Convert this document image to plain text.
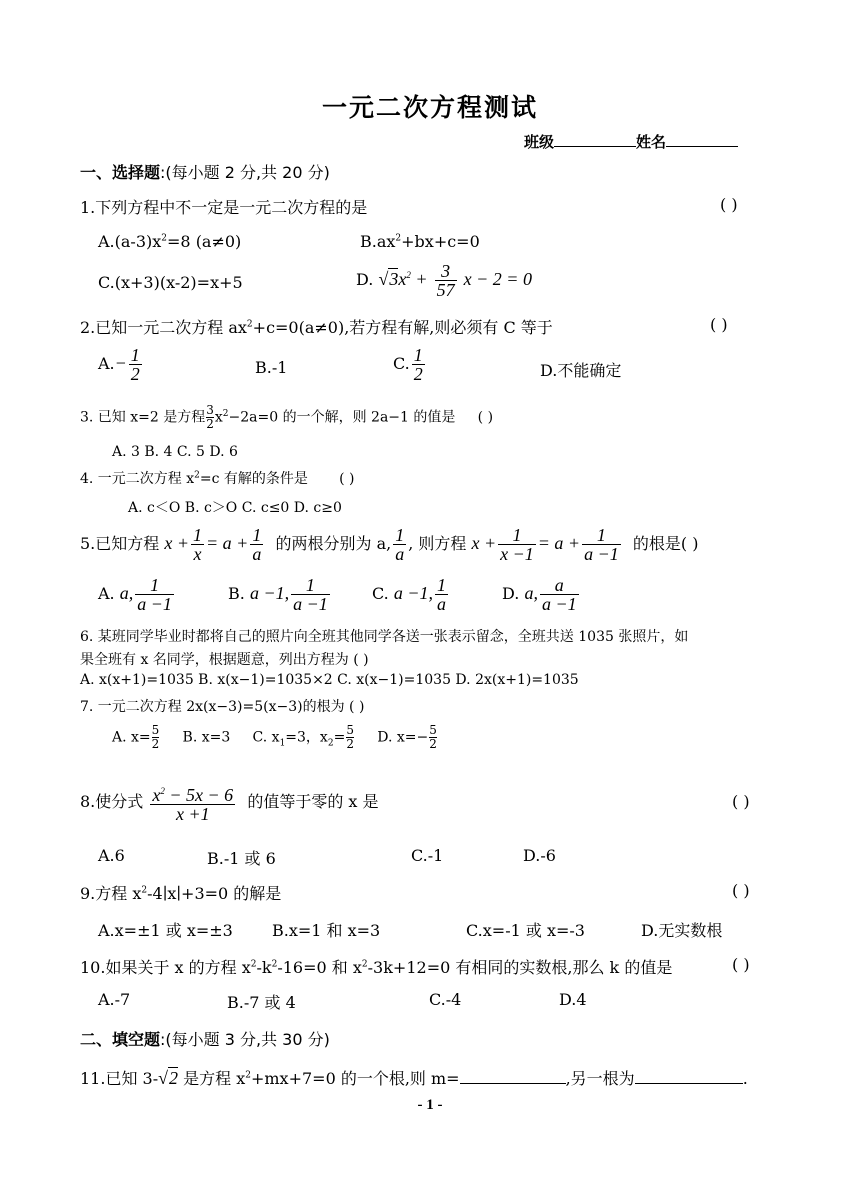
一元二次方程测试
班级	姓名
一、选择题:(每小题 2 分,共 20 分)
1.下列方程中不一定是一元二次方程的是	( )
$A.(a-3)x^2=8$ (a≠0)	$B.ax^2+bx+c=0$
C.(x+3)(x-2)=x+5	D. $√3x^2 + \frac{3}{57}$ x − 2 = 0
2.已知一元二次方程 $ax^2+c=0(a\ne 0)$,若方程有解,则必须有 C 等于	( )
$A.- \frac{1}{2}$	B.-1	C. $\frac{1}{2}$	D.不能确定
3. 已知 x=2 是方程 $\frac{3}{2}x^2-2a=0$ 的一个解，则 2a−1 的值是 ( )
A. 3 B. 4 C. 5 D. 6
4. 一元二次方程 $x^2=c$ 有解的条件是 ( )
A. c＜O B. c＞O C. c≤0 D. c≥0
5.已知方程 $x + \frac{1}{x} = a + \frac{1}{a}$ 的两根分别为 a, $\frac{1}{a}$ , 则方程 $x + \frac{1}{x -1} = a + \frac{1}{a -1}$ 的根是( )
A. a, $\frac{1}{a -1}$	B. a −1, $\frac{1}{a -1}$	C. a −1, $\frac{1}{a}$	D. a, $\frac{a}{a -1}$
6. 某班同学毕业时都将自己的照片向全班其他同学各送一张表示留念，全班共送 1035 张照片，如
果全班有 x 名同学，根据题意，列出方程为 ( )
A. x(x+1)=1035 B. x(x−1)=1035×2 C. x(x−1)=1035 D. 2x(x+1)=1035
7. 一元二次方程 2x(x−3)=5(x−3)的根为 ( )
A. $x= \frac{5}{2} B$. x=3 C. $x_1=3$，$x_2= \frac{5}{2} D$. $x=- \frac{5}{2}$
8.使分式 $\frac{x^2 - 5x - 6}{x +1}$ 的值等于零的 x 是	( )
A.6	B.-1 或 6	C.-1	D.-6
9.方程 $x^2-4∣x∣+3=0$ 的解是	( )
A.x=±1 或 x=±3 B.x=1 和 x=3	C.x=-1 或 x=-3	D.无实数根
10.如果关于 x 的方程 $x^2-k^2-16=0$ 和 $x^2-3k+12=0$ 有相同的实数根,那么 k 的值是	( )
A.-7	B.-7 或 4	C.-4	D.4
二、填空题:(每小题 3 分,共 30 分)
11.已知 3-√2 是方程 $x^2+mx+7=0$ 的一个根,则 m=	,另一根为	.
- 1 -
